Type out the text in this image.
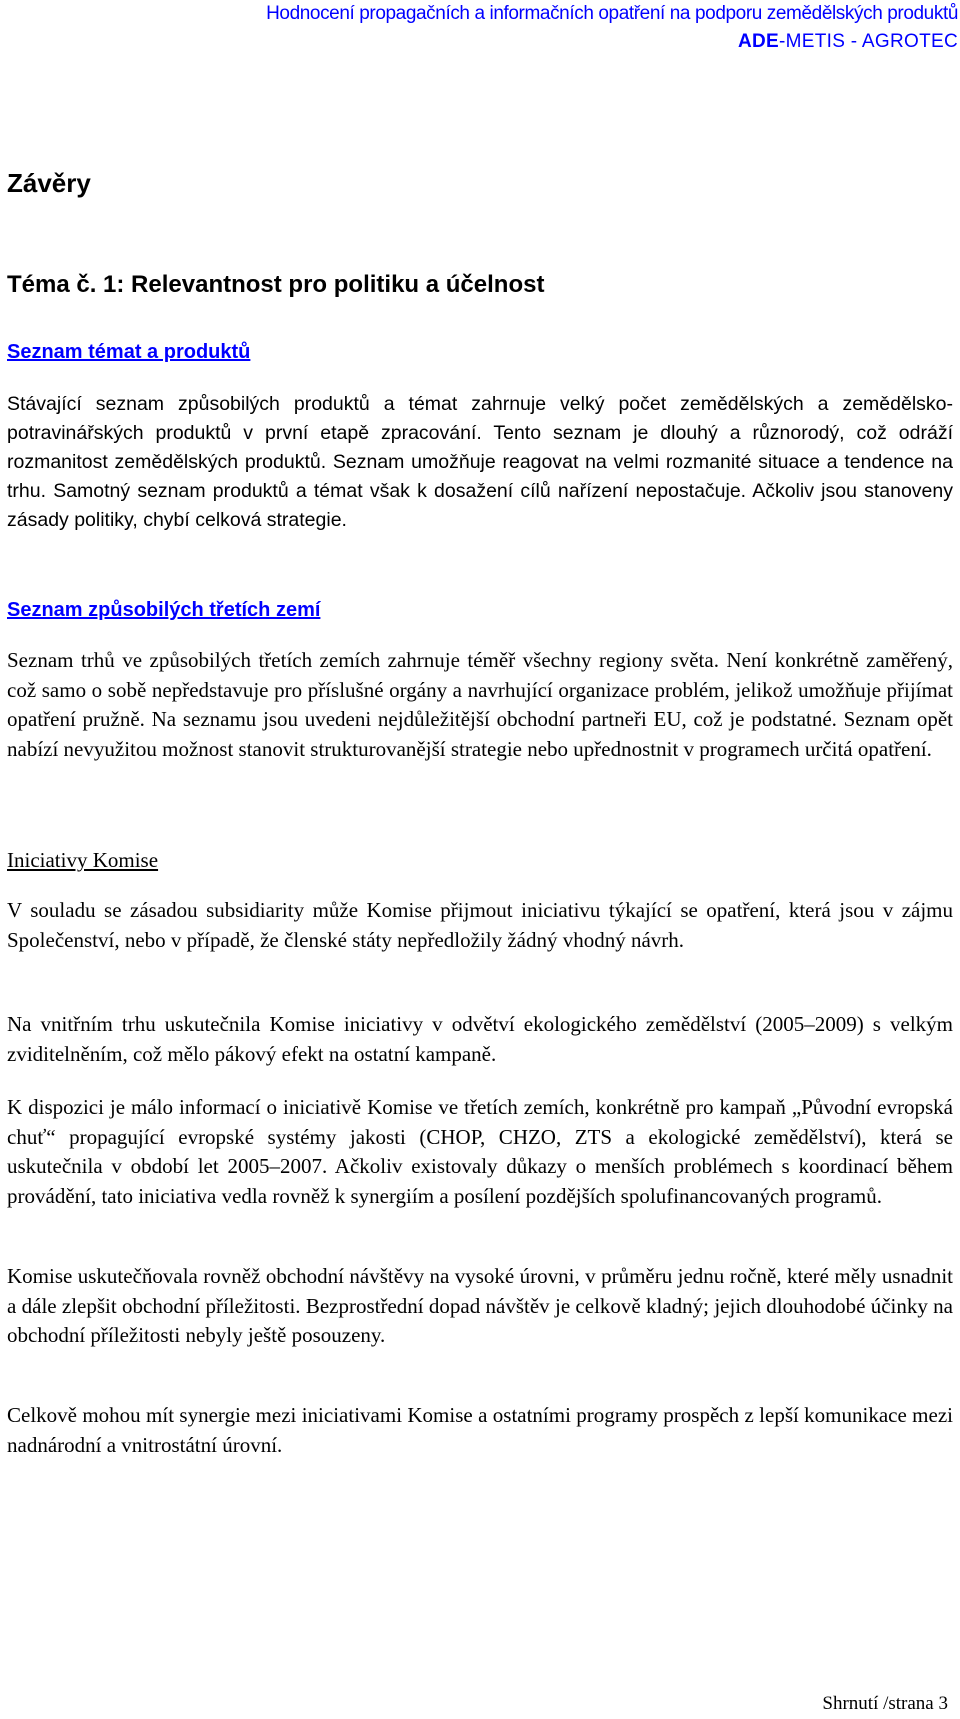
Hodnocení propagačních a informačních opatření na podporu zemědělských produktů
ADE-METIS - AGROTEC
Závěry
Téma č. 1: Relevantnost pro politiku a účelnost
Seznam témat a produktů

Stávající seznam způsobilých produktů a témat zahrnuje velký počet zemědělských a zemědělsko-potravinářských produktů v první etapě zpracování. Tento seznam je dlouhý a různorodý, což odráží rozmanitost zemědělských produktů. Seznam umožňuje reagovat na velmi rozmanité situace a tendence na trhu. Samotný seznam produktů a témat však k dosažení cílů nařízení nepostačuje. Ačkoliv jsou stanoveny zásady politiky, chybí celková strategie.

Seznam způsobilých třetích zemí

Seznam trhů ve způsobilých třetích zemích zahrnuje téměř všechny regiony světa. Není konkrétně zaměřený, což samo o sobě nepředstavuje pro příslušné orgány a navrhující organizace problém, jelikož umožňuje přijímat opatření pružně. Na seznamu jsou uvedeni nejdůležitější obchodní partneři EU, což je podstatné. Seznam opět nabízí nevyužitou možnost stanovit strukturovanější strategie nebo upřednostnit v programech určitá opatření.

Iniciativy Komise

V souladu se zásadou subsidiarity může Komise přijmout iniciativu týkající se opatření, která jsou v zájmu Společenství, nebo v případě, že členské státy nepředložily žádný vhodný návrh.

Na vnitřním trhu uskutečnila Komise iniciativy v odvětví ekologického zemědělství (2005–2009) s velkým zviditelněním, což mělo pákový efekt na ostatní kampaně.

K dispozici je málo informací o iniciativě Komise ve třetích zemích, konkrétně pro kampaň „Původní evropská chuť“ propagující evropské systémy jakosti (CHOP, CHZO, ZTS a ekologické zemědělství), která se uskutečnila v období let 2005–2007. Ačkoliv existovaly důkazy o menších problémech s koordinací během provádění, tato iniciativa vedla rovněž k synergiím a posílení pozdějších spolufinancovaných programů.

Komise uskutečňovala rovněž obchodní návštěvy na vysoké úrovni, v průměru jednu ročně, které měly usnadnit a dále zlepšit obchodní příležitosti. Bezprostřední dopad návštěv je celkově kladný; jejich dlouhodobé účinky na obchodní příležitosti nebyly ještě posouzeny.

Celkově mohou mít synergie mezi iniciativami Komise a ostatními programy prospěch z lepší komunikace mezi nadnárodní a vnitrostátní úrovní.

Shrnutí /strana 3
